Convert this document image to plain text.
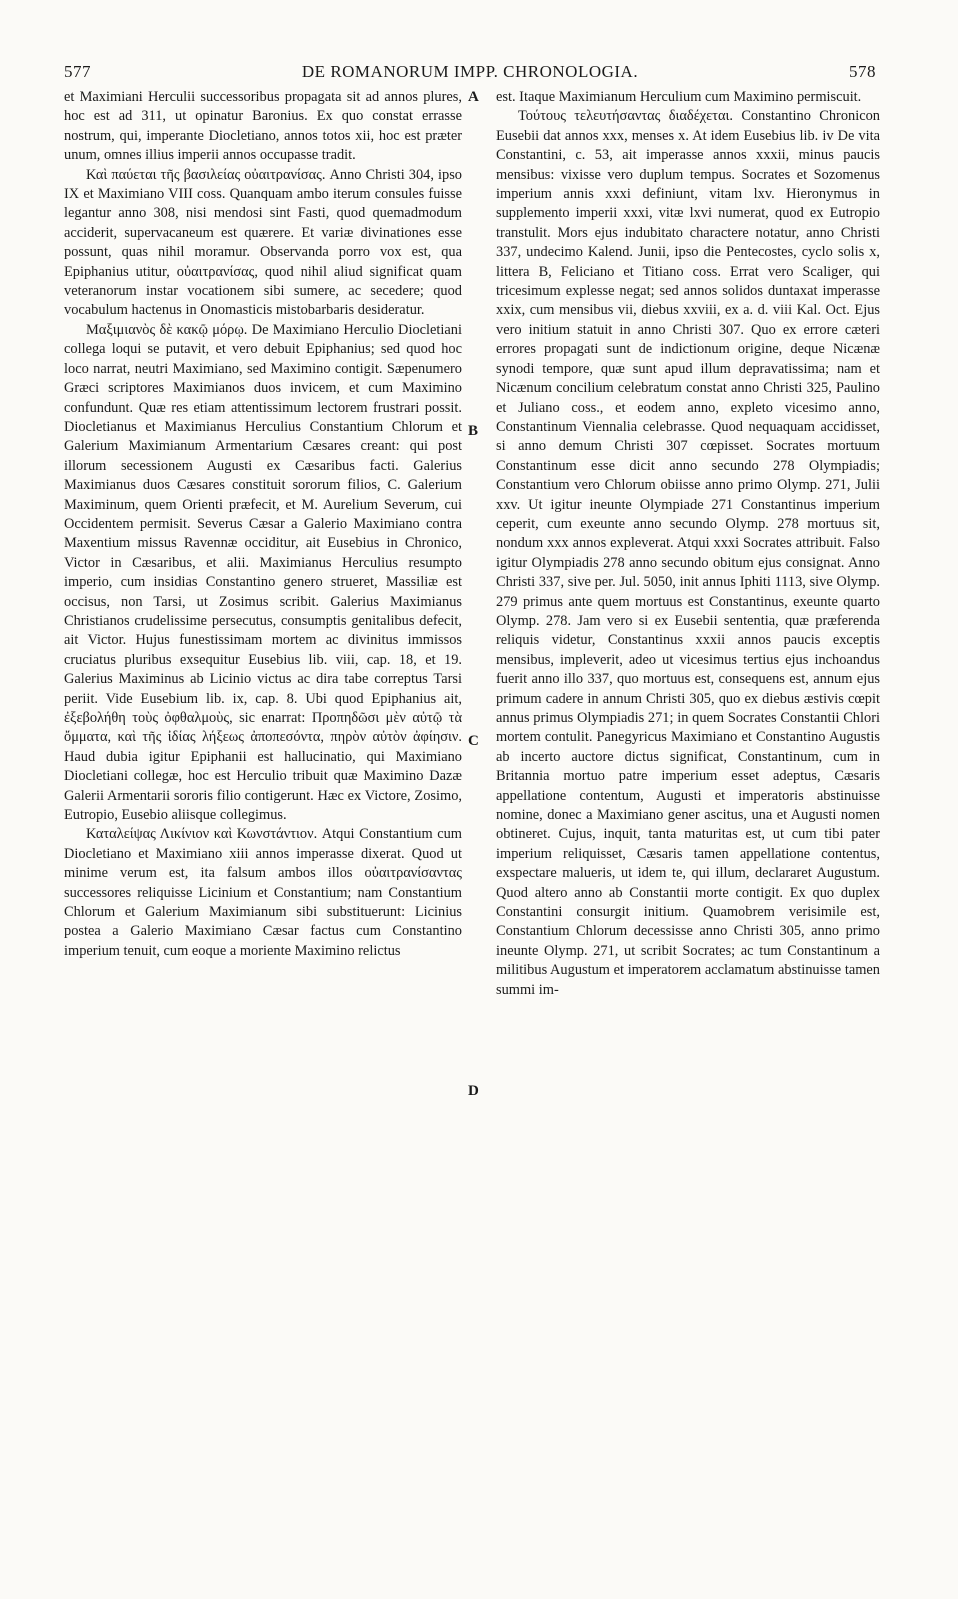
577	DE ROMANORUM IMPP. CHRONOLOGIA.	578

et Maximiani Herculii successoribus propagata sit ad annos plures, hoc est ad 311, ut opinatur Baronius. Ex quo constat errasse nostrum, qui, imperante Diocletiano, annos totos xii, hoc est præter unum, omnes illius imperii annos occupasse tradit.

Καὶ παύεται τῆς βασιλείας οὐαιτρανίσας. Anno Christi 304, ipso IX et Maximiano VIII coss. Quanquam ambo iterum consules fuisse legantur anno 308, nisi mendosi sint Fasti, quod quemadmodum acciderit, supervacaneum est quærere. Et variæ divinationes esse possunt, quas nihil moramur. Observanda porro vox est, qua Epiphanius utitur, οὐαιτρανίσας, quod nihil aliud significat quam veteranorum instar vocationem sibi sumere, ac secedere; quod vocabulum hactenus in Onomasticis mistobarbaris desideratur.

Μαξιμιανὸς δὲ κακῷ μόρῳ. De Maximiano Herculio Diocletiani collega loqui se putavit, et vero debuit Epiphanius; sed quod hoc loco narrat, neutri Maximiano, sed Maximino contigit. Sæpenumero Græci scriptores Maximianos duos invicem, et cum Maximino confundunt. Quæ res etiam attentissimum lectorem frustrari possit. Diocletianus et Maximianus Herculius Constantium Chlorum et Galerium Maximianum Armentarium Cæsares creant: qui post illorum secessionem Augusti ex Cæsaribus facti. Galerius Maximianus duos Cæsares constituit sororum filios, C. Galerium Maximinum, quem Orienti præfecit, et M. Aurelium Severum, cui Occidentem permisit. Severus Cæsar a Galerio Maximiano contra Maxentium missus Ravennæ occiditur, ait Eusebius in Chronico, Victor in Cæsaribus, et alii. Maximianus Herculius resumpto imperio, cum insidias Constantino genero strueret, Massiliæ est occisus, non Tarsi, ut Zosimus scribit. Galerius Maximianus Christianos crudelissime persecutus, consumptis genitalibus defecit, ait Victor. Hujus funestissimam mortem ac divinitus immissos cruciatus pluribus exsequitur Eusebius lib. viii, cap. 18, et 19. Galerius Maximinus ab Licinio victus ac dira tabe correptus Tarsi periit. Vide Eusebium lib. ix, cap. 8. Ubi quod Epiphanius ait, ἐξεβολήθη τοὺς ὀφθαλμοὺς, sic enarrat: Προπηδῶσι μὲν αὐτῷ τὰ ὄμματα, καὶ τῆς ἰδίας λήξεως ἀποπεσόντα, πηρὸν αὐτὸν ἀφίησιν. Haud dubia igitur Epiphanii est hallucinatio, qui Maximiano Diocletiani collegæ, hoc est Herculio tribuit quæ Maximino Dazæ Galerii Armentarii sororis filio contigerunt. Hæc ex Victore, Zosimo, Eutropio, Eusebio aliisque collegimus.

Καταλείψας Λικίνιον καὶ Κωνστάντιον. Atqui Constantium cum Diocletiano et Maximiano xiii annos imperasse dixerat. Quod ut minime verum est, ita falsum ambos illos οὐαιτρανίσαντας successores reliquisse Licinium et Constantium; nam Constantium Chlorum et Galerium Maximianum sibi substituerunt: Licinius postea a Galerio Maximiano Cæsar factus cum Constantino imperium tenuit, cum eoque a moriente Maximino relictus

A
B
C
D

est. Itaque Maximianum Herculium cum Maximino permiscuit.

Τούτους τελευτήσαντας διαδέχεται. Constantino Chronicon Eusebii dat annos xxx, menses x. At idem Eusebius lib. iv De vita Constantini, c. 53, ait imperasse annos xxxii, minus paucis mensibus: vixisse vero duplum tempus. Socrates et Sozomenus imperium annis xxxi definiunt, vitam lxv. Hieronymus in supplemento imperii xxxi, vitæ lxvi numerat, quod ex Eutropio transtulit. Mors ejus indubitato charactere notatur, anno Christi 337, undecimo Kalend. Junii, ipso die Pentecostes, cyclo solis x, littera B, Feliciano et Titiano coss. Errat vero Scaliger, qui tricesimum explesse negat; sed annos solidos duntaxat imperasse xxix, cum mensibus vii, diebus xxviii, ex a. d. viii Kal. Oct. Ejus vero initium statuit in anno Christi 307. Quo ex errore cæteri errores propagati sunt de indictionum origine, deque Nicænæ synodi tempore, quæ sunt apud illum depravatissima; nam et Nicænum concilium celebratum constat anno Christi 325, Paulino et Juliano coss., et eodem anno, expleto vicesimo anno, Constantinum Viennalia celebrasse. Quod nequaquam accidisset, si anno demum Christi 307 cœpisset. Socrates mortuum Constantinum esse dicit anno secundo 278 Olympiadis; Constantium vero Chlorum obiisse anno primo Olymp. 271, Julii xxv. Ut igitur ineunte Olympiade 271 Constantinus imperium ceperit, cum exeunte anno secundo Olymp. 278 mortuus sit, nondum xxx annos expleverat. Atqui xxxi Socrates attribuit. Falso igitur Olympiadis 278 anno secundo obitum ejus consignat. Anno Christi 337, sive per. Jul. 5050, init annus Iphiti 1113, sive Olymp. 279 primus ante quem mortuus est Constantinus, exeunte quarto Olymp. 278. Jam vero si ex Eusebii sententia, quæ præferenda reliquis videtur, Constantinus xxxii annos paucis exceptis mensibus, impleverit, adeo ut vicesimus tertius ejus inchoandus fuerit anno illo 337, quo mortuus est, consequens est, annum ejus primum cadere in annum Christi 305, quo ex diebus æstivis cœpit annus primus Olympiadis 271; in quem Socrates Constantii Chlori mortem contulit. Panegyricus Maximiano et Constantino Augustis ab incerto auctore dictus significat, Constantinum, cum in Britannia mortuo patre imperium esset adeptus, Cæsaris appellatione contentum, Augusti et imperatoris abstinuisse nomine, donec a Maximiano gener ascitus, una et Augusti nomen obtineret. Cujus, inquit, tanta maturitas est, ut cum tibi pater imperium reliquisset, Cæsaris tamen appellatione contentus, exspectare malueris, ut idem te, qui illum, declararet Augustum. Quod altero anno ab Constantii morte contigit. Ex quo duplex Constantini consurgit initium. Quamobrem verisimile est, Constantium Chlorum decessisse anno Christi 305, anno primo ineunte Olymp. 271, ut scribit Socrates; ac tum Constantinum a militibus Augustum et imperatorem acclamatum abstinuisse tamen summi im-
